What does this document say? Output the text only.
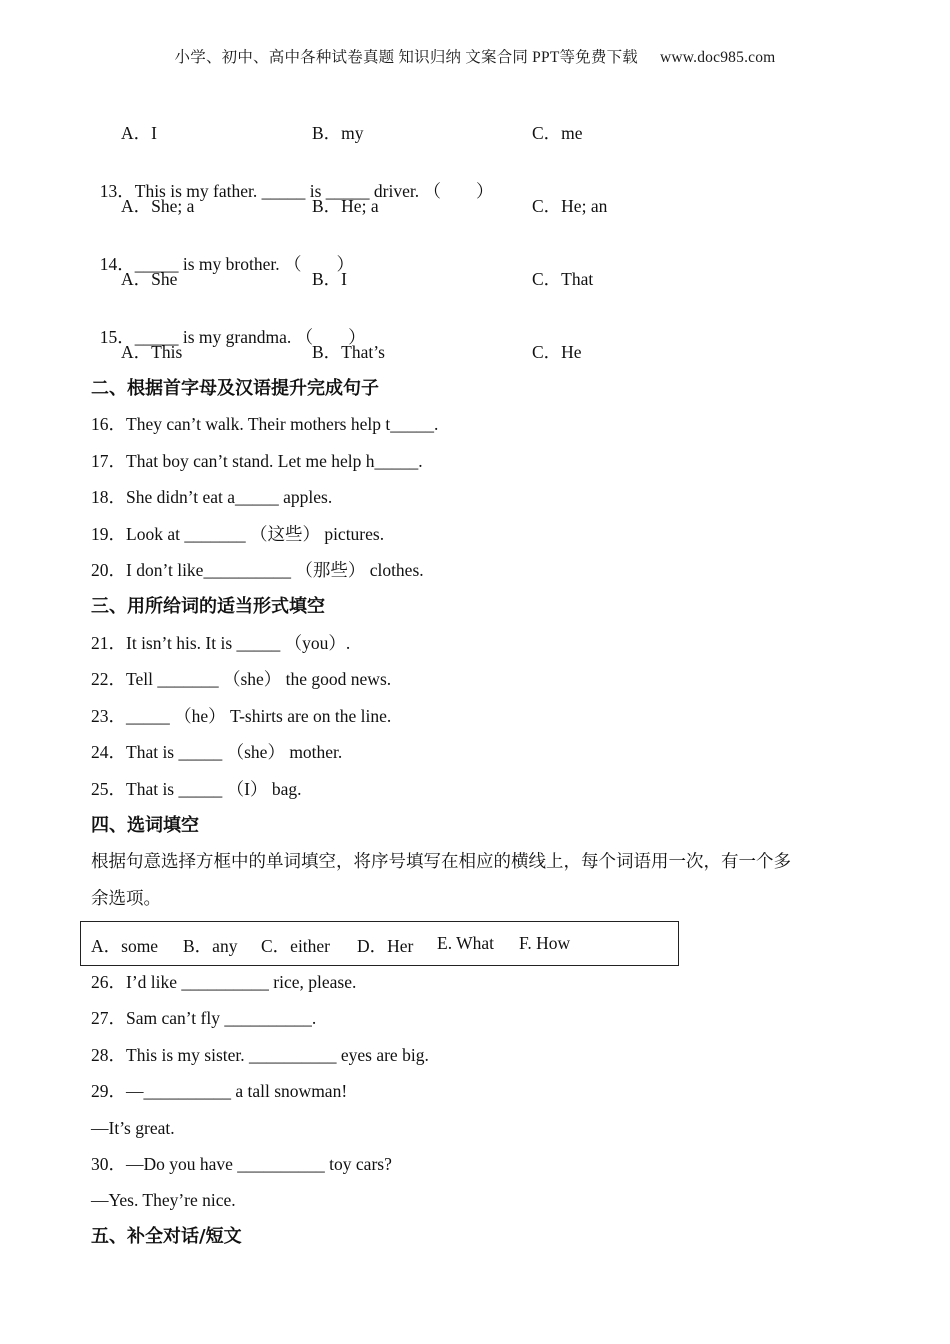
小学、初中、高中各种试卷真题 知识归纳 文案合同 PPT等免费下载 www.doc985.com
A．I	B．my	C．me

13．This is my father. _____ is _____ driver. （　　）

A．She; a	B．He; a	C．He; an

14．_____ is my brother. （　　）

A．She	B．I	C．That

15．_____ is my grandma. （　　）

A．This	B．That’s	C．He
二、根据首字母及汉语提升完成句子
16．They can’t walk. Their mothers help t_____.
17．That boy can’t stand. Let me help h_____.
18．She didn’t eat a_____ apples.
19．Look at _______ （这些） pictures.
20．I don’t like__________ （那些） clothes.
三、用所给词的适当形式填空
21．It isn’t his. It is _____ （you）.
22．Tell _______ （she） the good news.
23．_____ （he） T-shirts are on the line.
24．That is _____ （she） mother.
25．That is _____ （I） bag.
四、选词填空
根据句意选择方框中的单词填空，将序号填写在相应的横线上，每个词语用一次，有一个多
余选项。
A．some B．any C．either D．Her E. What F. How
26．I’d like __________ rice, please.
27．Sam can’t fly __________.
28．This is my sister. __________ eyes are big.
29．—__________ a tall snowman!
—It’s great.
30．—Do you have __________ toy cars?
—Yes. They’re nice.
五、补全对话/短文
